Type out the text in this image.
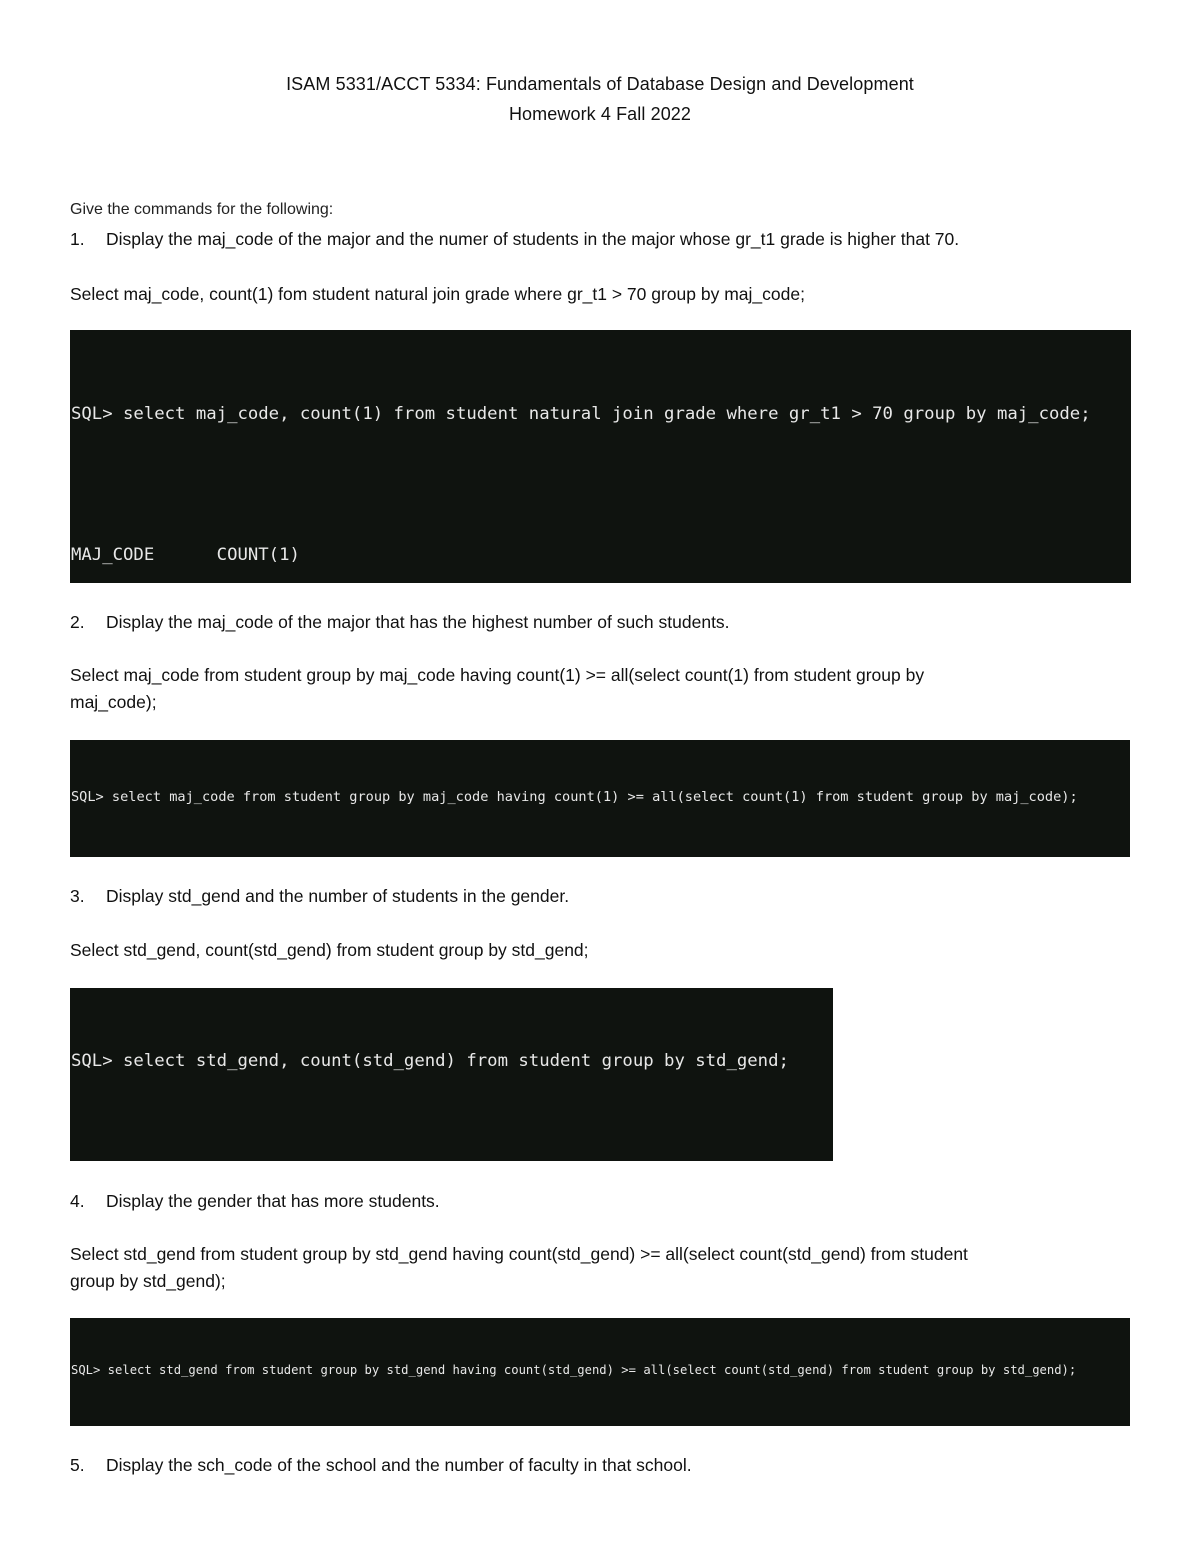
ISAM 5331/ACCT 5334: Fundamentals of Database Design and Development
Homework 4 Fall 2022
Give the commands for the following:
1. Display the maj_code of the major and the numer of students in the major whose gr_t1 grade is higher that 70.
Select maj_code, count(1) fom student natural join grade where gr_t1 > 70 group by maj_code;

SQL> select maj_code, count(1) from student natural join grade where gr_t1 > 70 group by maj_code;

MAJ_CODE      COUNT(1)

2. Display the maj_code of the major that has the highest number of such students.
Select maj_code from student group by maj_code having count(1) >= all(select count(1) from student group by
maj_code);

SQL> select maj_code from student group by maj_code having count(1) >= all(select count(1) from student group by maj_code);

3. Display std_gend and the number of students in the gender.
Select std_gend, count(std_gend) from student group by std_gend;

SQL> select std_gend, count(std_gend) from student group by std_gend;

4. Display the gender that has more students.
Select std_gend from student group by std_gend having count(std_gend) >= all(select count(std_gend) from student
group by std_gend);

SQL> select std_gend from student group by std_gend having count(std_gend) >= all(select count(std_gend) from student group by std_gend);

5. Display the sch_code of the school and the number of faculty in that school.
